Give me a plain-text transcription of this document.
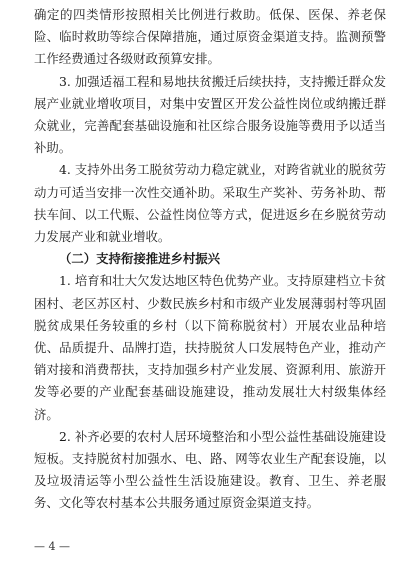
确定的四类情形按照相关比例进行救助。低保、医保、养老保险、临时救助等综合保障措施，通过原资金渠道支持。监测预警工作经费通过各级财政预算安排。

3. 加强适福工程和易地扶贫搬迁后续扶持，支持搬迁群众发展产业就业增收项目，对集中安置区开发公益性岗位或纳搬迁群众就业，完善配套基础设施和社区综合服务设施等费用予以适当补助。

4. 支持外出务工脱贫劳动力稳定就业，对跨省就业的脱贫劳动力可适当安排一次性交通补助。采取生产奖补、劳务补助、帮扶车间、以工代赈、公益性岗位等方式，促进返乡在乡脱贫劳动力发展产业和就业增收。

（二）支持衔接推进乡村振兴

1. 培育和壮大欠发达地区特色优势产业。支持原建档立卡贫困村、老区苏区村、少数民族乡村和市级产业发展薄弱村等巩固脱贫成果任务较重的乡村（以下简称脱贫村）开展农业品种培优、品质提升、品牌打造，扶持脱贫人口发展特色产业，推动产销对接和消费帮扶，支持加强乡村产业发展、资源利用、旅游开发等必要的产业配套基础设施建设，推动发展壮大村级集体经济。

2. 补齐必要的农村人居环境整治和小型公益性基础设施建设短板。支持脱贫村加强水、电、路、网等农业生产配套设施，以及垃圾清运等小型公益性生活设施建设。教育、卫生、养老服务、文化等农村基本公共服务通过原资金渠道支持。

— 4 —
